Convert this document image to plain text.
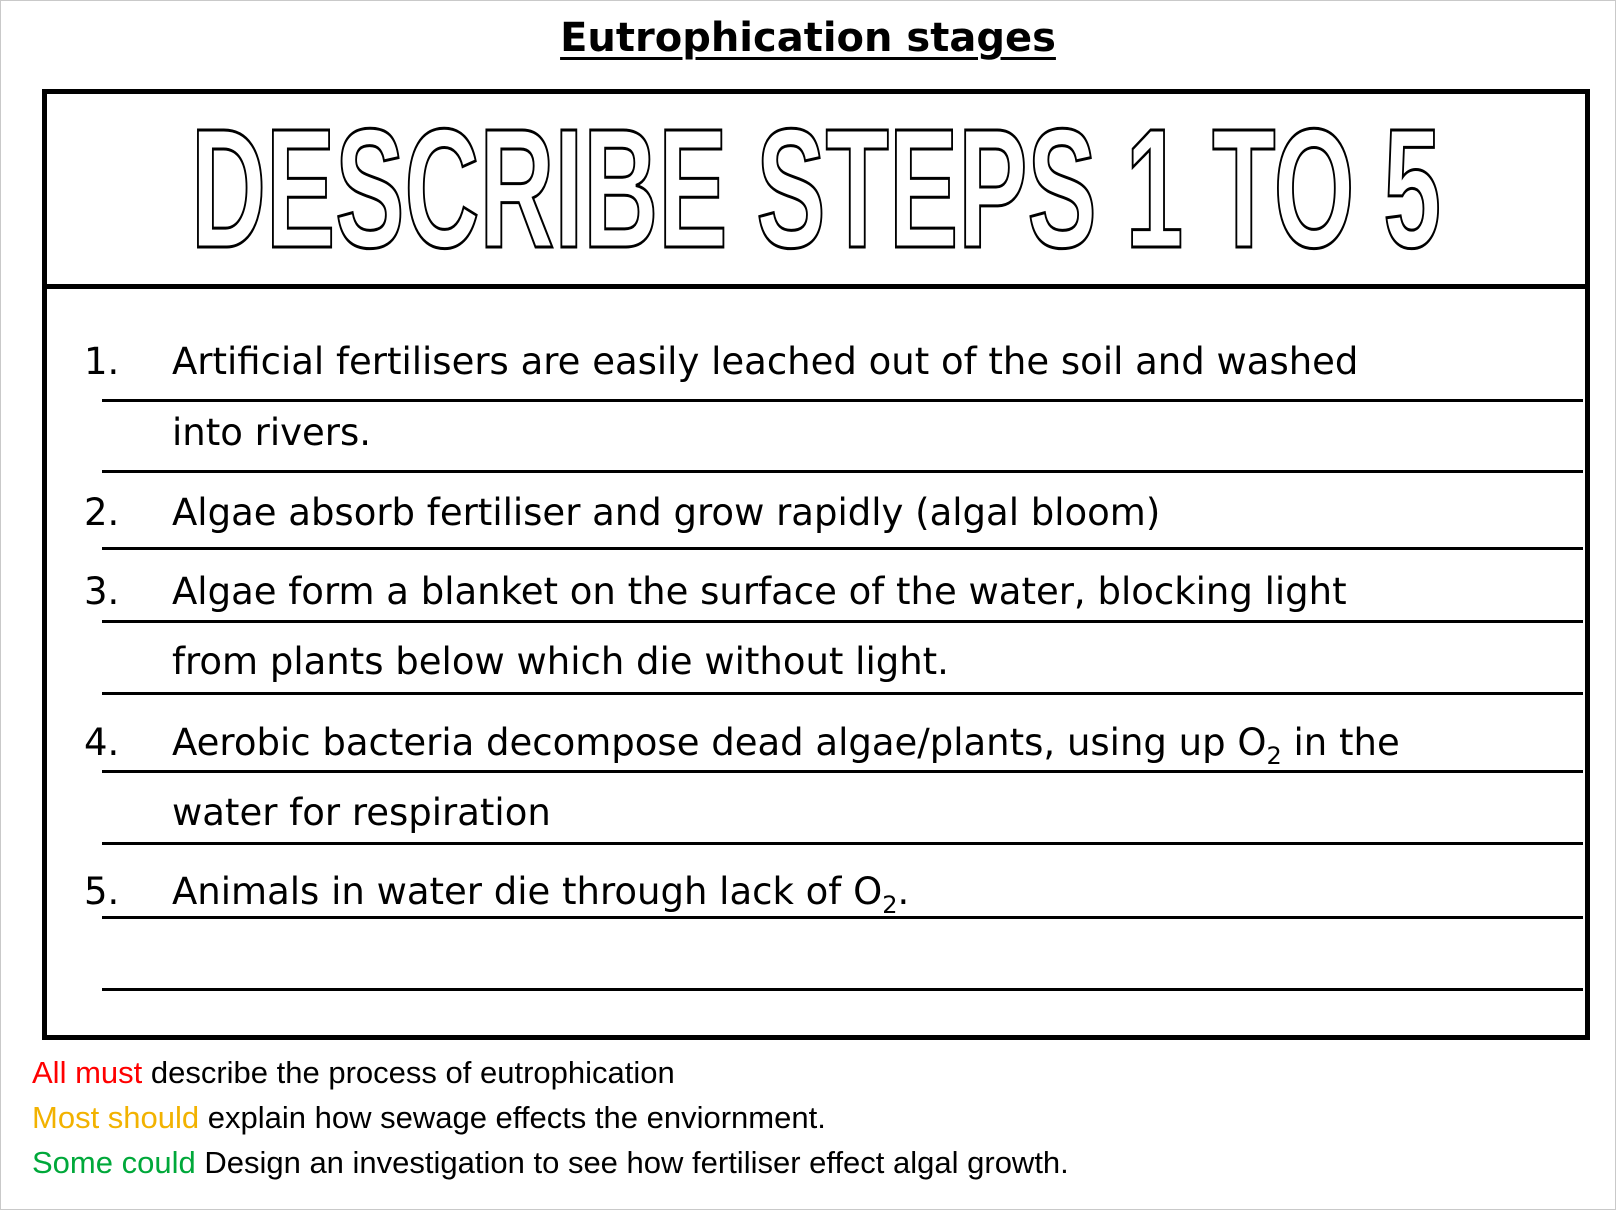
Eutrophication stages
DESCRIBE STEPS 1 TO 5
1. Artificial fertilisers are easily leached out of the soil and washed
into rivers.
2. Algae absorb fertiliser and grow rapidly (algal bloom)
3. Algae form a blanket on the surface of the water, blocking light
from plants below which die without light.
4. Aerobic bacteria decompose dead algae/plants, using up $O_2$ in the
water for respiration
5. Animals in water die through lack of $O_2$.
All must describe the process of eutrophication
Most should explain how sewage effects the enviornment.
Some could Design an investigation to see how fertiliser effect algal growth.
